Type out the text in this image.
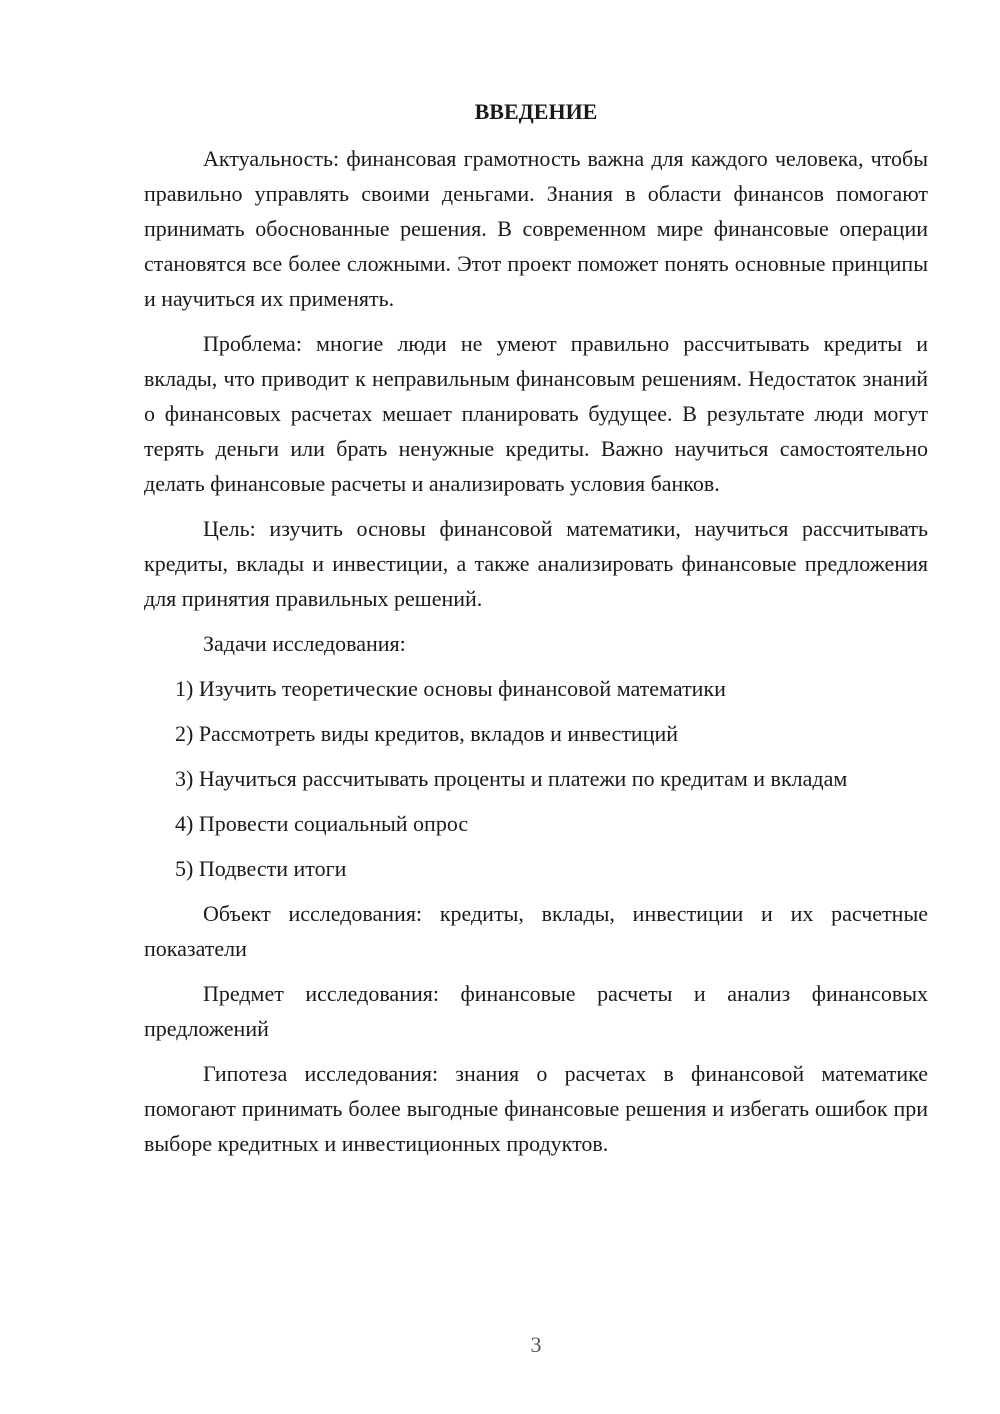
ВВЕДЕНИЕ

Актуальность: финансовая грамотность важна для каждого человека, чтобы правильно управлять своими деньгами. Знания в области финансов помогают принимать обоснованные решения. В современном мире финансовые операции становятся все более сложными. Этот проект поможет понять основные принципы и научиться их применять.

Проблема: многие люди не умеют правильно рассчитывать кредиты и вклады, что приводит к неправильным финансовым решениям. Недостаток знаний о финансовых расчетах мешает планировать будущее. В результате люди могут терять деньги или брать ненужные кредиты. Важно научиться самостоятельно делать финансовые расчеты и анализировать условия банков.

Цель: изучить основы финансовой математики, научиться рассчитывать кредиты, вклады и инвестиции, а также анализировать финансовые предложения для принятия правильных решений.

Задачи исследования:

1) Изучить теоретические основы финансовой математики

2) Рассмотреть виды кредитов, вкладов и инвестиций

3) Научиться рассчитывать проценты и платежи по кредитам и вкладам

4) Провести социальный опрос

5) Подвести итоги

Объект исследования: кредиты, вклады, инвестиции и их расчетные показатели

Предмет исследования: финансовые расчеты и анализ финансовых предложений

Гипотеза исследования: знания о расчетах в финансовой математике помогают принимать более выгодные финансовые решения и избегать ошибок при выборе кредитных и инвестиционных продуктов.

3
